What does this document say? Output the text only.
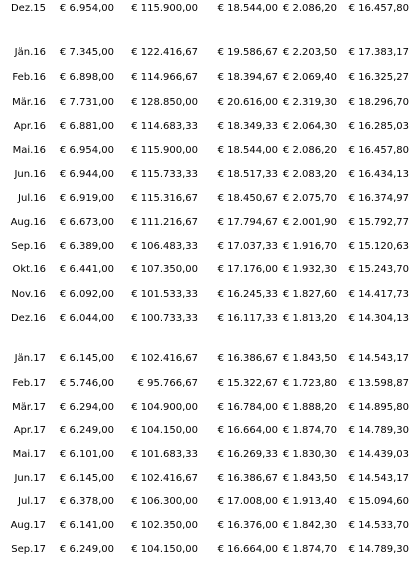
Dez.15	€ 6.954,00	€ 115.900,00	€ 18.544,00 € 2.086,20	€ 16.457,80
Jän.16	€ 7.345,00	€ 122.416,67	€ 19.586,67 € 2.203,50	€ 17.383,17
Feb.16	€ 6.898,00	€ 114.966,67	€ 18.394,67 € 2.069,40	€ 16.325,27
Mär.16	€ 7.731,00	€ 128.850,00	€ 20.616,00 € 2.319,30	€ 18.296,70
Apr.16	€ 6.881,00	€ 114.683,33	€ 18.349,33 € 2.064,30	€ 16.285,03
Mai.16	€ 6.954,00	€ 115.900,00	€ 18.544,00 € 2.086,20	€ 16.457,80
Jun.16	€ 6.944,00	€ 115.733,33	€ 18.517,33 € 2.083,20	€ 16.434,13
Jul.16	€ 6.919,00	€ 115.316,67	€ 18.450,67 € 2.075,70	€ 16.374,97
Aug.16	€ 6.673,00	€ 111.216,67	€ 17.794,67 € 2.001,90	€ 15.792,77
Sep.16	€ 6.389,00	€ 106.483,33	€ 17.037,33 € 1.916,70	€ 15.120,63
Okt.16	€ 6.441,00	€ 107.350,00	€ 17.176,00 € 1.932,30	€ 15.243,70
Nov.16	€ 6.092,00	€ 101.533,33	€ 16.245,33 € 1.827,60	€ 14.417,73
Dez.16	€ 6.044,00	€ 100.733,33	€ 16.117,33 € 1.813,20	€ 14.304,13
Jän.17	€ 6.145,00	€ 102.416,67	€ 16.386,67 € 1.843,50	€ 14.543,17
Feb.17	€ 5.746,00	€ 95.766,67	€ 15.322,67 € 1.723,80	€ 13.598,87
Mär.17	€ 6.294,00	€ 104.900,00	€ 16.784,00 € 1.888,20	€ 14.895,80
Apr.17	€ 6.249,00	€ 104.150,00	€ 16.664,00 € 1.874,70	€ 14.789,30
Mai.17	€ 6.101,00	€ 101.683,33	€ 16.269,33 € 1.830,30	€ 14.439,03
Jun.17	€ 6.145,00	€ 102.416,67	€ 16.386,67 € 1.843,50	€ 14.543,17
Jul.17	€ 6.378,00	€ 106.300,00	€ 17.008,00 € 1.913,40	€ 15.094,60
Aug.17	€ 6.141,00	€ 102.350,00	€ 16.376,00 € 1.842,30	€ 14.533,70
Sep.17	€ 6.249,00	€ 104.150,00	€ 16.664,00 € 1.874,70	€ 14.789,30
